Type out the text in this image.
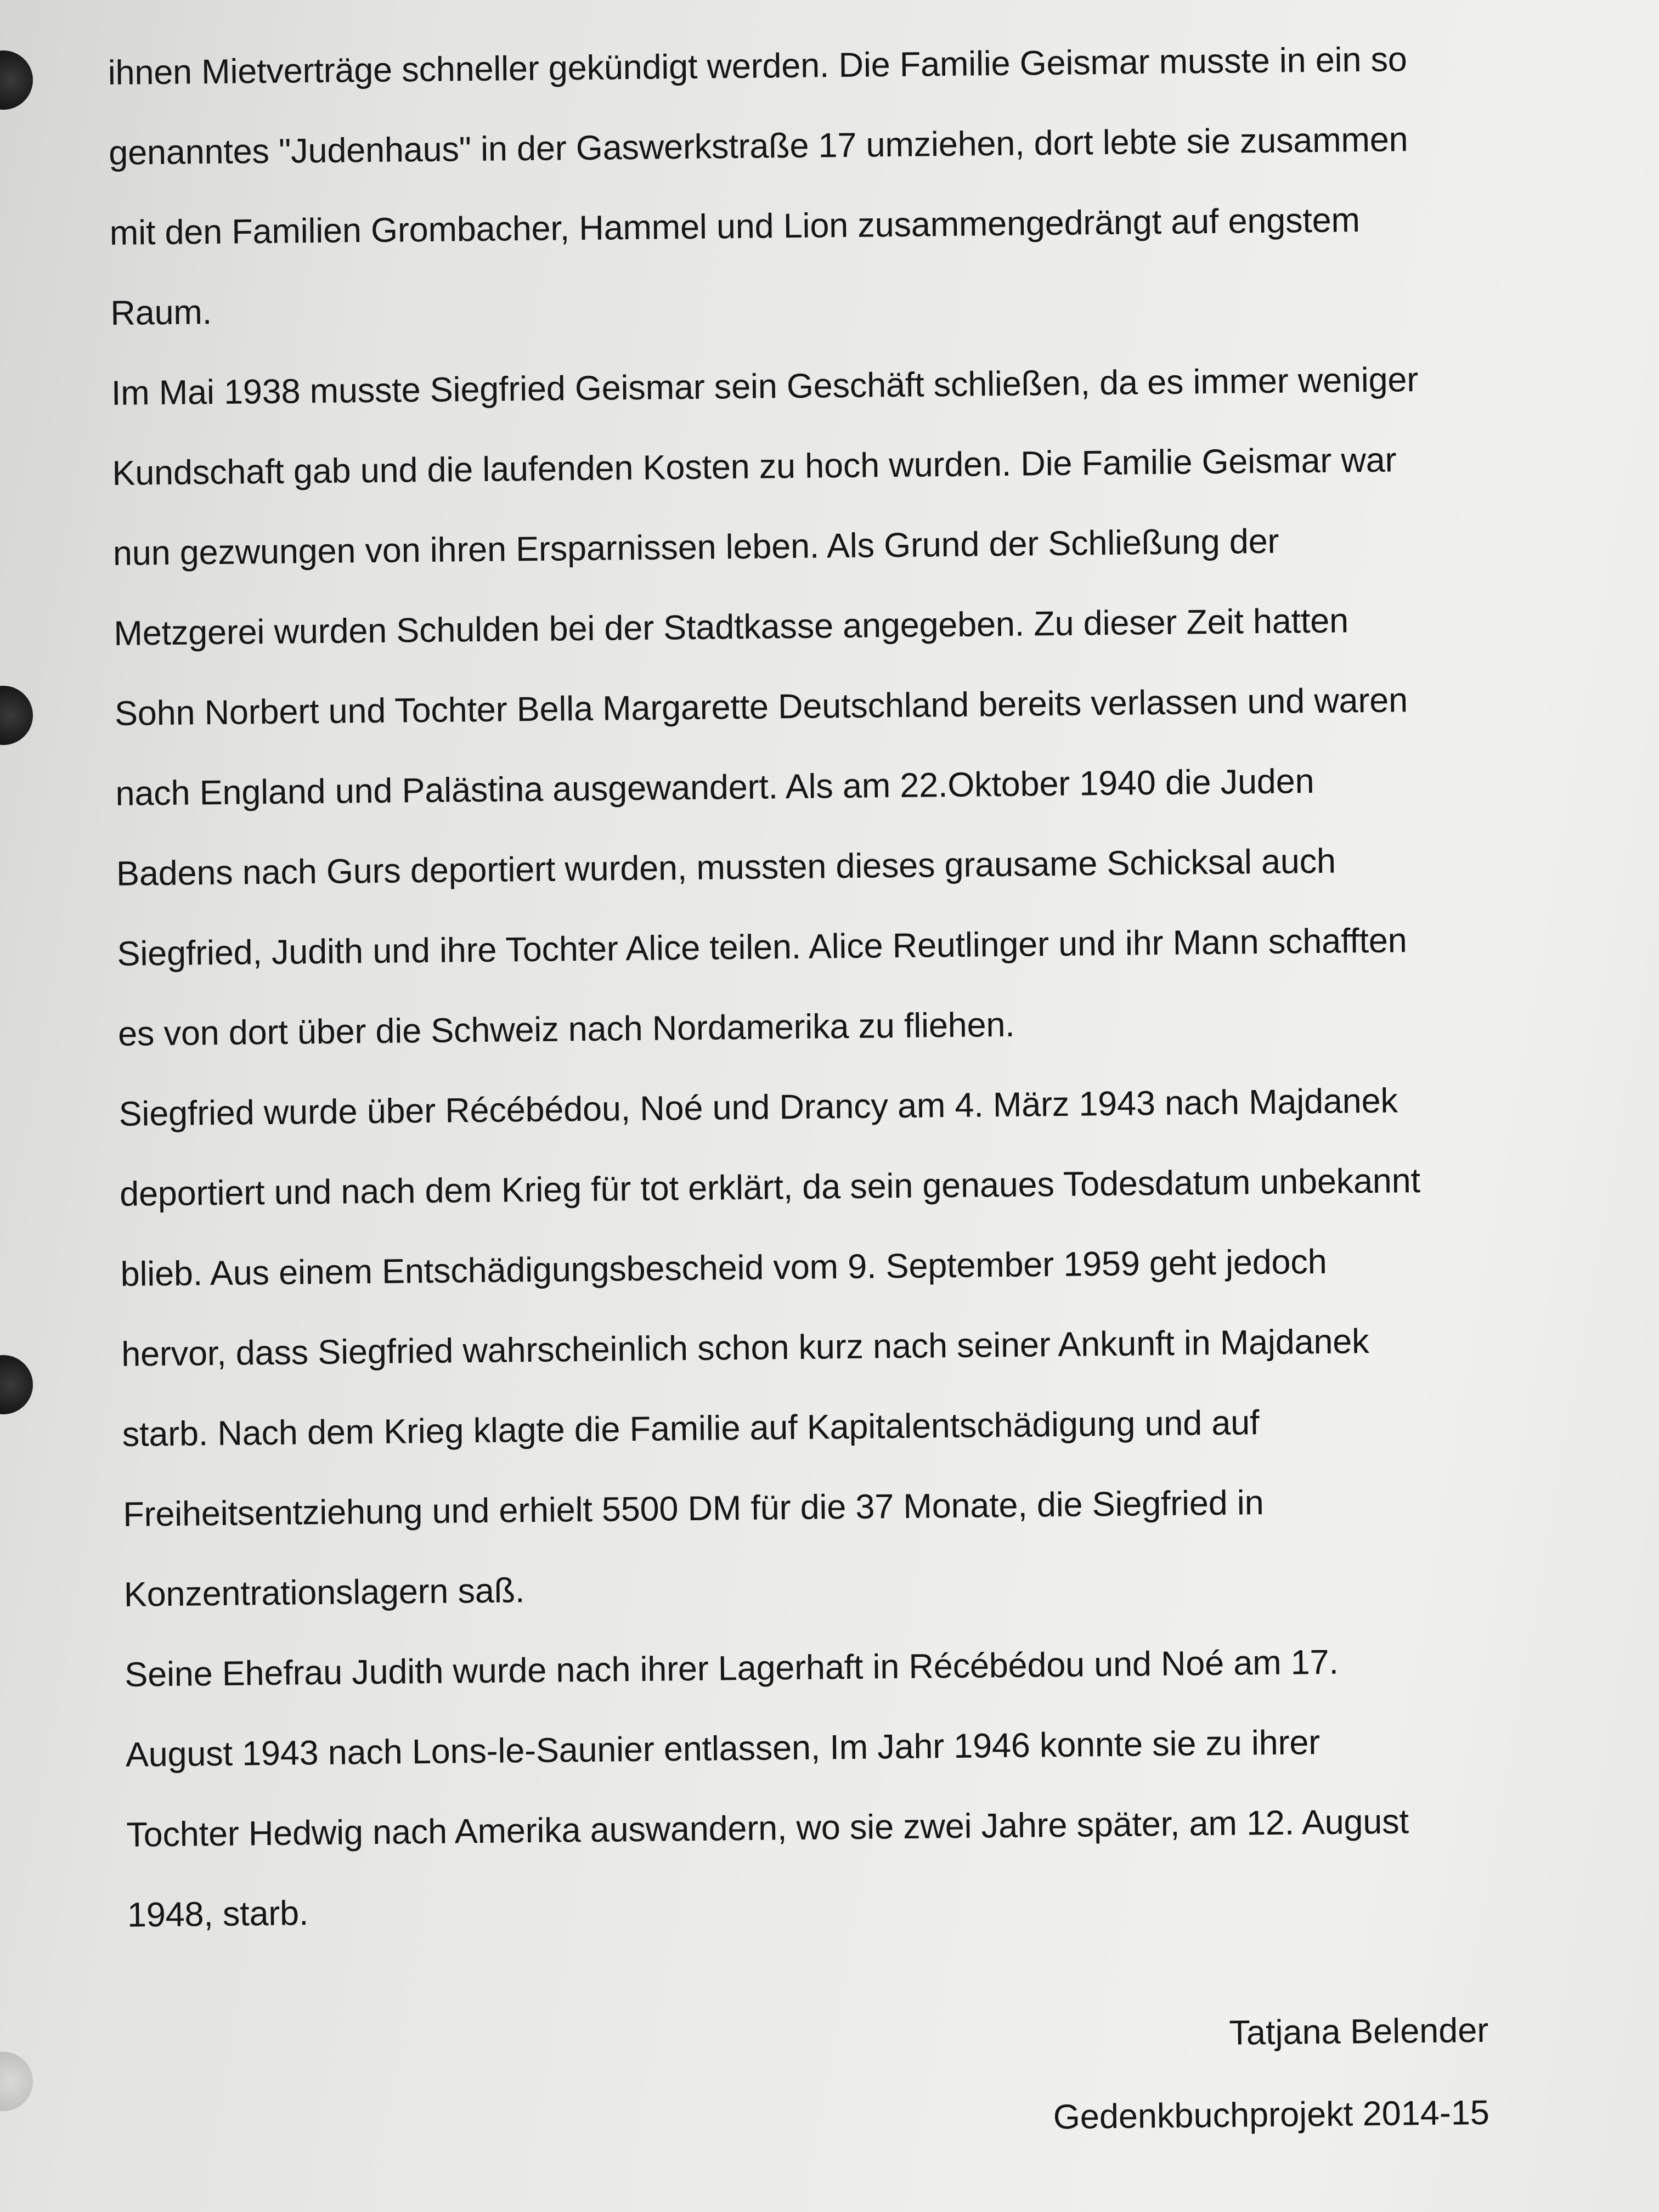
ihnen Mietverträge schneller gekündigt werden. Die Familie Geismar musste in ein so
genanntes "Judenhaus" in der Gaswerkstraße 17 umziehen, dort lebte sie zusammen
mit den Familien Grombacher, Hammel und Lion zusammengedrängt auf engstem
Raum.
Im Mai 1938 musste Siegfried Geismar sein Geschäft schließen, da es immer weniger
Kundschaft gab und die laufenden Kosten zu hoch wurden. Die Familie Geismar war
nun gezwungen von ihren Ersparnissen leben. Als Grund der Schließung der
Metzgerei wurden Schulden bei der Stadtkasse angegeben. Zu dieser Zeit hatten
Sohn Norbert und Tochter Bella Margarette Deutschland bereits verlassen und waren
nach England und Palästina ausgewandert. Als am 22.Oktober 1940 die Juden
Badens nach Gurs deportiert wurden, mussten dieses grausame Schicksal auch
Siegfried, Judith und ihre Tochter Alice teilen. Alice Reutlinger und ihr Mann schafften
es von dort über die Schweiz nach Nordamerika zu fliehen.
Siegfried wurde über Récébédou, Noé und Drancy am 4. März 1943 nach Majdanek
deportiert und nach dem Krieg für tot erklärt, da sein genaues Todesdatum unbekannt
blieb. Aus einem Entschädigungsbescheid vom 9. September 1959 geht jedoch
hervor, dass Siegfried wahrscheinlich schon kurz nach seiner Ankunft in Majdanek
starb. Nach dem Krieg klagte die Familie auf Kapitalentschädigung und auf
Freiheitsentziehung und erhielt 5500 DM für die 37 Monate, die Siegfried in
Konzentrationslagern saß.
Seine Ehefrau Judith wurde nach ihrer Lagerhaft in Récébédou und Noé am 17.
August 1943 nach Lons-le-Saunier entlassen, Im Jahr 1946 konnte sie zu ihrer
Tochter Hedwig nach Amerika auswandern, wo sie zwei Jahre später, am 12. August
1948, starb.
Tatjana Belender
Gedenkbuchprojekt 2014-15
